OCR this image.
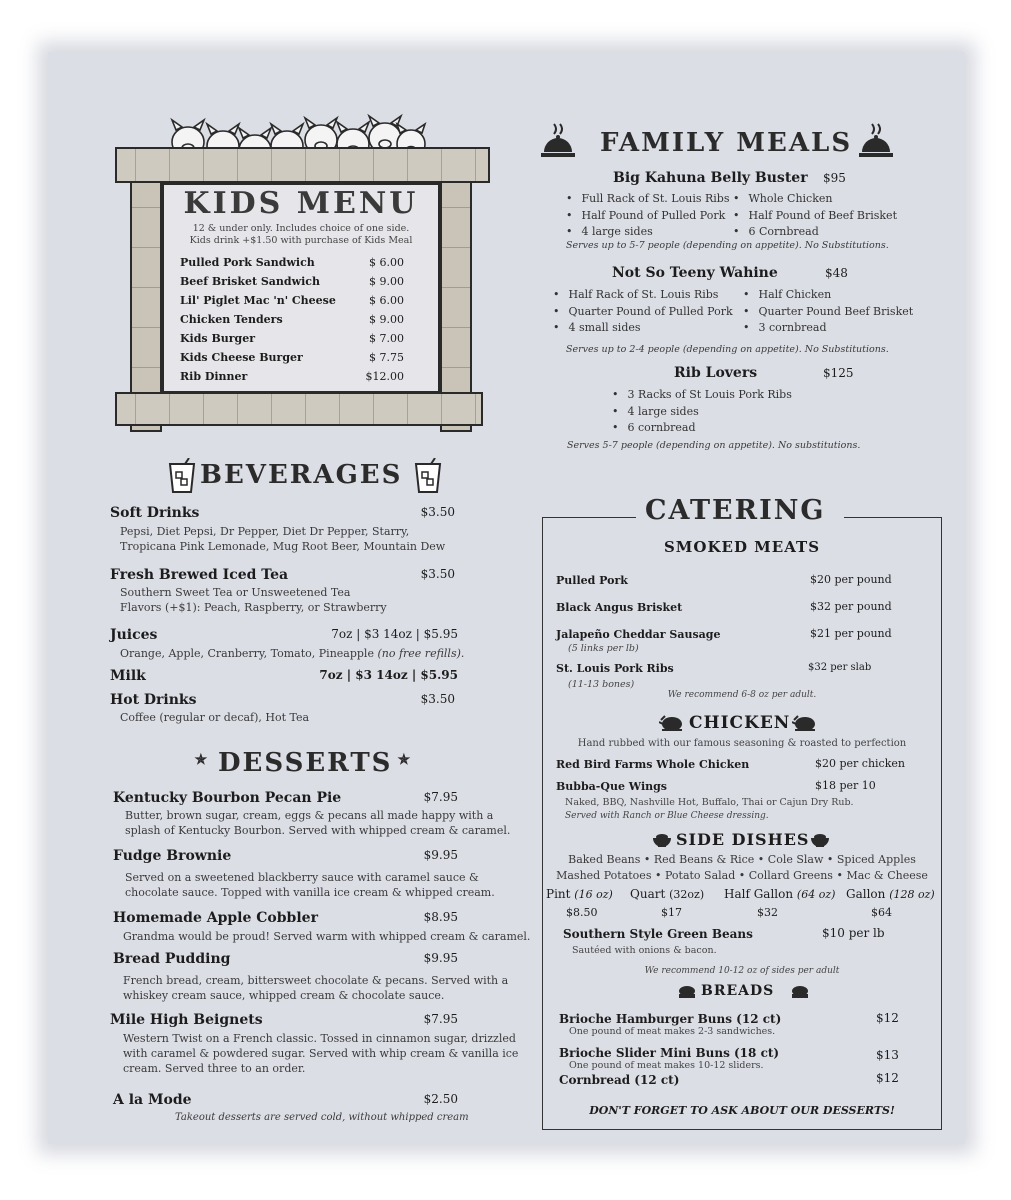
KIDS MENU
12 & under only. Includes choice of one side.
Kids drink +$1.50 with purchase of Kids Meal
Pulled Pork Sandwich	$ 6.00
Beef Brisket Sandwich	$ 9.00
Lil' Piglet Mac 'n' Cheese	$ 6.00
Chicken Tenders	$ 9.00
Kids Burger	$ 7.00
Kids Cheese Burger	$ 7.75
Rib Dinner	$12.00
BEVERAGES
Soft Drinks	$3.50
Pepsi, Diet Pepsi, Dr Pepper, Diet Dr Pepper, Starry,
Tropicana Pink Lemonade, Mug Root Beer, Mountain Dew
Fresh Brewed Iced Tea	$3.50
Southern Sweet Tea or Unsweetened Tea
Flavors (+$1): Peach, Raspberry, or Strawberry
Juices	7oz | $3 14oz | $5.95
Orange, Apple, Cranberry, Tomato, Pineapple (no free refills).
Milk	7oz | $3 14oz | $5.95
Hot Drinks	$3.50
Coffee (regular or decaf), Hot Tea
✯ DESSERTS ✯
Kentucky Bourbon Pecan Pie	$7.95
Butter, brown sugar, cream, eggs & pecans all made happy with a
splash of Kentucky Bourbon. Served with whipped cream & caramel.
Fudge Brownie	$9.95
Served on a sweetened blackberry sauce with caramel sauce &
chocolate sauce. Topped with vanilla ice cream & whipped cream.
Homemade Apple Cobbler	$8.95
Grandma would be proud! Served warm with whipped cream & caramel.
Bread Pudding	$9.95
French bread, cream, bittersweet chocolate & pecans. Served with a
whiskey cream sauce, whipped cream & chocolate sauce.
Mile High Beignets	$7.95
Western Twist on a French classic. Tossed in cinnamon sugar, drizzled
with caramel & powdered sugar. Served with whip cream & vanilla ice
cream. Served three to an order.
A la Mode	$2.50
Takeout desserts are served cold, without whipped cream
FAMILY MEALS
Big Kahuna Belly Buster $95
• Full Rack of St. Louis Ribs
• Half Pound of Pulled Pork
• 4 large sides
• Whole Chicken
• Half Pound of Beef Brisket
• 6 Cornbread
Serves up to 5-7 people (depending on appetite). No Substitutions.
Not So Teeny Wahine	$48
• Half Rack of St. Louis Ribs
• Quarter Pound of Pulled Pork
• 4 small sides
• Half Chicken
• Quarter Pound Beef Brisket
• 3 cornbread
Serves up to 2-4 people (depending on appetite). No Substitutions.
Rib Lovers	$125
• 3 Racks of St Louis Pork Ribs
• 4 large sides
• 6 cornbread
Serves 5-7 people (depending on appetite). No substitutions.
CATERING
SMOKED MEATS
Pulled Pork	$20 per pound
Black Angus Brisket	$32 per pound
Jalapeño Cheddar Sausage
(5 links per lb)
$21 per pound
St. Louis Pork Ribs
(11-13 bones)
$32 per slab
We recommend 6-8 oz per adult.
CHICKEN
Hand rubbed with our famous seasoning & roasted to perfection
Red Bird Farms Whole Chicken	$20 per chicken
Bubba-Que Wings	$18 per 10
Naked, BBQ, Nashville Hot, Buffalo, Thai or Cajun Dry Rub.
Served with Ranch or Blue Cheese dressing.
SIDE DISHES
Baked Beans • Red Beans & Rice • Cole Slaw • Spiced Apples
Mashed Potatoes • Potato Salad • Collard Greens • Mac & Cheese
Pint (16 oz) Quart (32oz) Half Gallon (64 oz) Gallon (128 oz)
$8.50	$17	$32	$64
Southern Style Green Beans	$10 per lb
Sautéed with onions & bacon.
We recommend 10-12 oz of sides per adult
BREADS
Brioche Hamburger Buns (12 ct)	$12
One pound of meat makes 2-3 sandwiches.
Brioche Slider Mini Buns (18 ct)	$13
One pound of meat makes 10-12 sliders.
Cornbread (12 ct)	$12
DON'T FORGET TO ASK ABOUT OUR DESSERTS!
